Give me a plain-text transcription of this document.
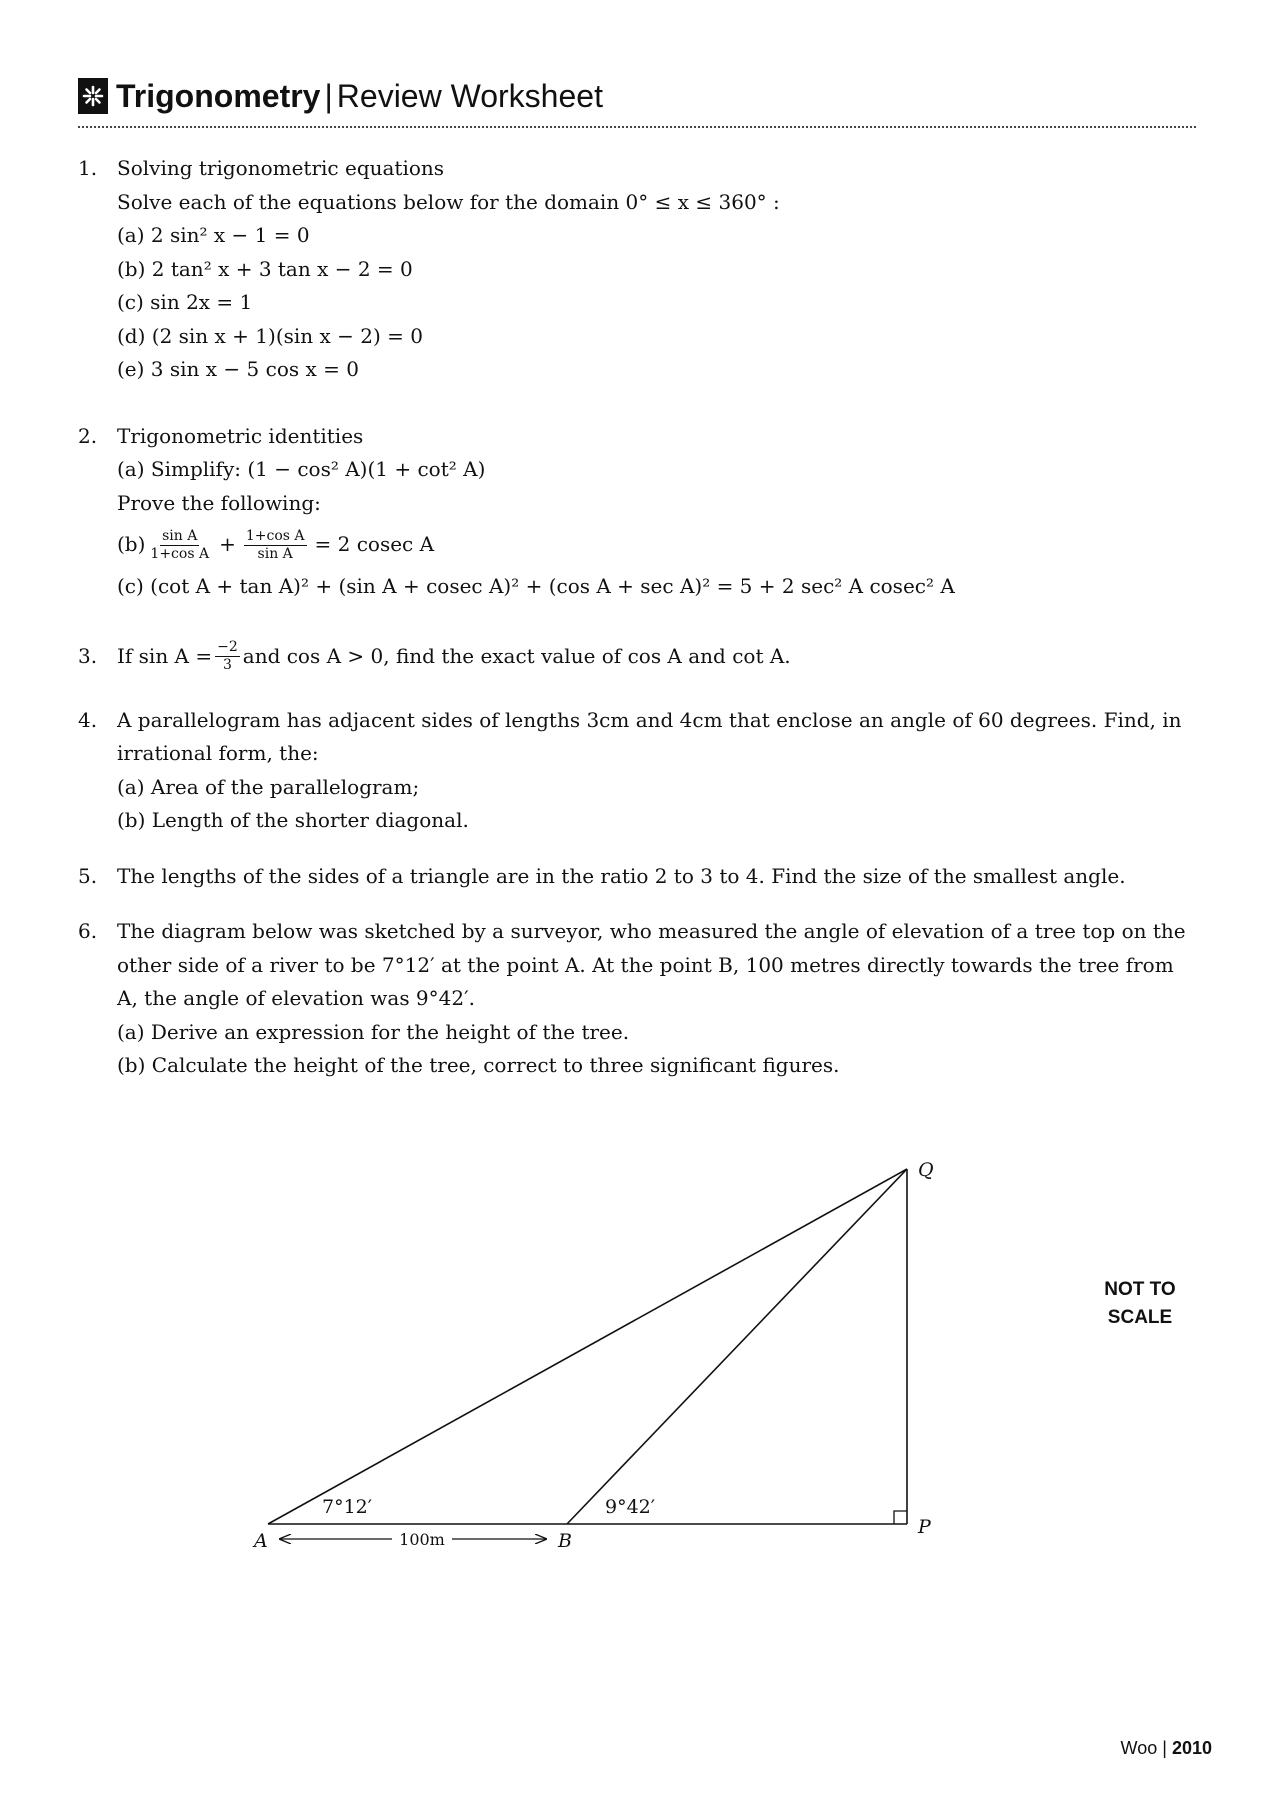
Trigonometry | Review Worksheet
1. Solving trigonometric equations
Solve each of the equations below for the domain 0° ≤ x ≤ 360° :
(a) 2 sin² x − 1 = 0
(b) 2 tan² x + 3 tan x − 2 = 0
(c) sin 2x = 1
(d) (2 sin x + 1)(sin x − 2) = 0
(e) 3 sin x − 5 cos x = 0
2. Trigonometric identities
(a) Simplify: (1 − cos² A)(1 + cot² A)
Prove the following:
$(b) \frac{\text{sin A}}{\text{1+cos A}} + \frac{\text{1+cos A}}{\text{sin A}} = 2$ cosec A
(c) (cot A + tan A)² + (sin A + cosec A)² + (cos A + sec A)² = 5 + 2 sec² A cosec² A
3. If $\sin A = \frac{-2}{3}$ and cos A > 0, find the exact value of cos A and cot A.
4. A parallelogram has adjacent sides of lengths 3cm and 4cm that enclose an angle of 60 degrees. Find, in irrational form, the:
(a) Area of the parallelogram;
(b) Length of the shorter diagonal.
5. The lengths of the sides of a triangle are in the ratio 2 to 3 to 4. Find the size of the smallest angle.
6. The diagram below was sketched by a surveyor, who measured the angle of elevation of a tree top on the other side of a river to be 7°12′ at the point A. At the point B, 100 metres directly towards the tree from A, the angle of elevation was 9°42′.
(a) Derive an expression for the height of the tree.
(b) Calculate the height of the tree, correct to three significant figures.
Q
P
A	B
7°12′	9°42′
100m
NOT TO
SCALE
Woo | 2010
